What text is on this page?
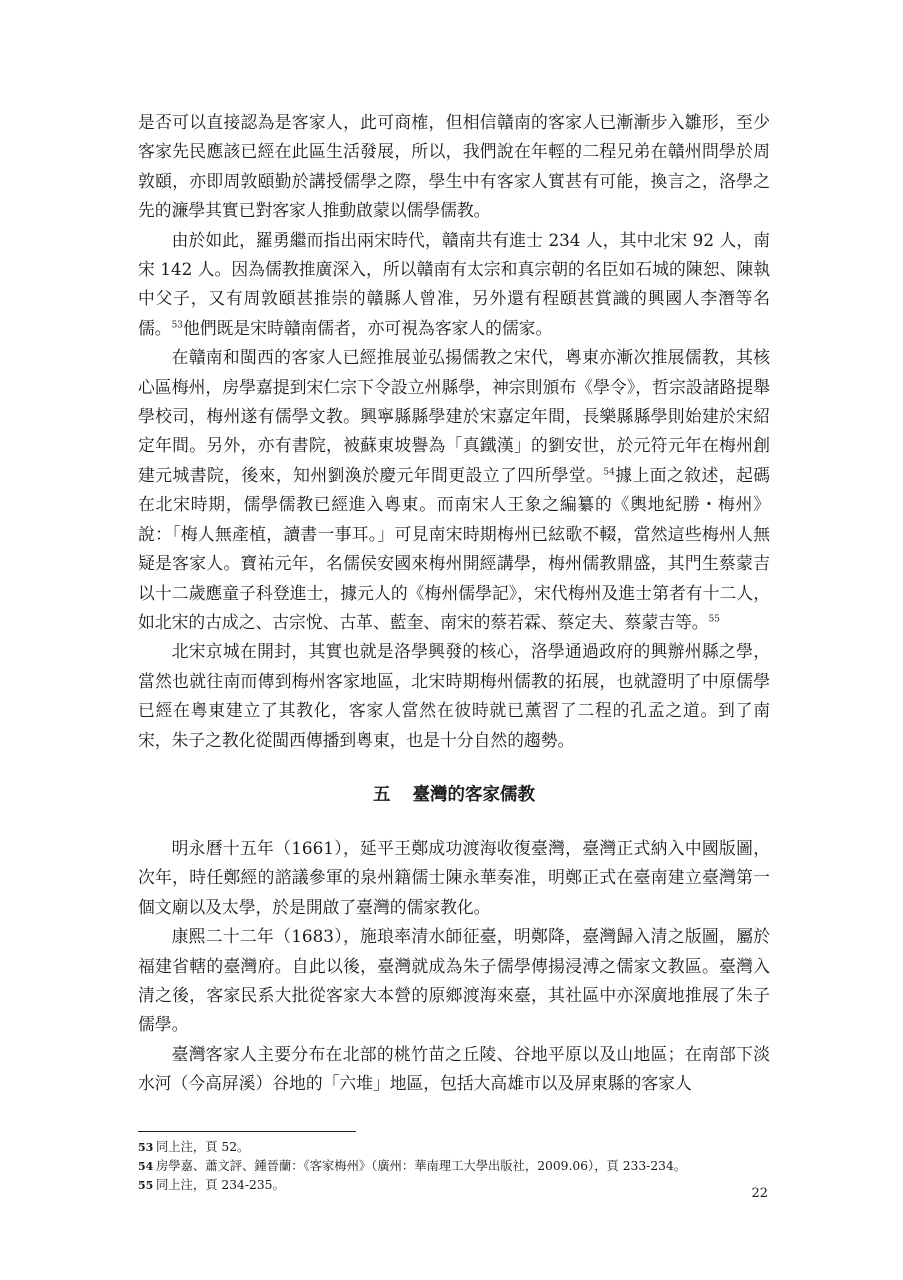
是否可以直接認為是客家人，此可商榷，但相信贛南的客家人已漸漸步入雛形，至少客家先民應該已經在此區生活發展，所以，我們說在年輕的二程兄弟在贛州問學於周敦頤，亦即周敦頤勤於講授儒學之際，學生中有客家人實甚有可能，換言之，洛學之先的濂學其實已對客家人推動啟蒙以儒學儒教。

由於如此，羅勇繼而指出兩宋時代，贛南共有進士 234 人，其中北宋 92 人，南宋 142 人。因為儒教推廣深入，所以贛南有太宗和真宗朝的名臣如石城的陳恕、陳執中父子，又有周敦頤甚推崇的贛縣人曾准，另外還有程頤甚賞識的興國人李潛等名儒。$^{53}$他們既是宋時贛南儒者，亦可視為客家人的儒家。

在贛南和閩西的客家人已經推展並弘揚儒教之宋代，粵東亦漸次推展儒教，其核心區梅州，房學嘉提到宋仁宗下令設立州縣學，神宗則頒布《學令》，哲宗設諸路提舉學校司，梅州遂有儒學文教。興寧縣縣學建於宋嘉定年間，長樂縣縣學則始建於宋紹定年間。另外，亦有書院，被蘇東坡譽為「真鐵漢」的劉安世，於元符元年在梅州創建元城書院，後來，知州劉渙於慶元年間更設立了四所學堂。$^{54}$據上面之敘述，起碼在北宋時期，儒學儒教已經進入粵東。而南宋人王象之編纂的《輿地紀勝・梅州》說：「梅人無產植，讀書一事耳。」可見南宋時期梅州已絃歌不輟，當然這些梅州人無疑是客家人。寶祐元年，名儒侯安國來梅州開經講學，梅州儒教鼎盛，其門生蔡蒙吉以十二歲應童子科登進士，據元人的《梅州儒學記》，宋代梅州及進士第者有十二人，如北宋的古成之、古宗悅、古革、藍奎、南宋的蔡若霖、蔡定夫、蔡蒙吉等。$^{55}$

北宋京城在開封，其實也就是洛學興發的核心，洛學通過政府的興辦州縣之學，當然也就往南而傳到梅州客家地區，北宋時期梅州儒教的拓展，也就證明了中原儒學已經在粵東建立了其教化，客家人當然在彼時就已薰習了二程的孔孟之道。到了南宋，朱子之教化從閩西傳播到粵東，也是十分自然的趨勢。

五 臺灣的客家儒教

明永曆十五年（1661），延平王鄭成功渡海收復臺灣，臺灣正式納入中國版圖，次年，時任鄭經的諮議參軍的泉州籍儒士陳永華奏准，明鄭正式在臺南建立臺灣第一個文廟以及太學，於是開啟了臺灣的儒家教化。

康熙二十二年（1683），施琅率清水師征臺，明鄭降，臺灣歸入清之版圖，屬於福建省轄的臺灣府。自此以後，臺灣就成為朱子儒學傳揚浸溥之儒家文教區。臺灣入清之後，客家民系大批從客家大本營的原鄉渡海來臺，其社區中亦深廣地推展了朱子儒學。

臺灣客家人主要分布在北部的桃竹苗之丘陵、谷地平原以及山地區；在南部下淡水河（今高屏溪）谷地的「六堆」地區，包括大高雄市以及屏東縣的客家人

53 同上注，頁 52。

54 房學嘉、蕭文評、鍾晉蘭：《客家梅州》（廣州：華南理工大學出版社，2009.06），頁 233-234。

55 同上注，頁 234-235。

22
